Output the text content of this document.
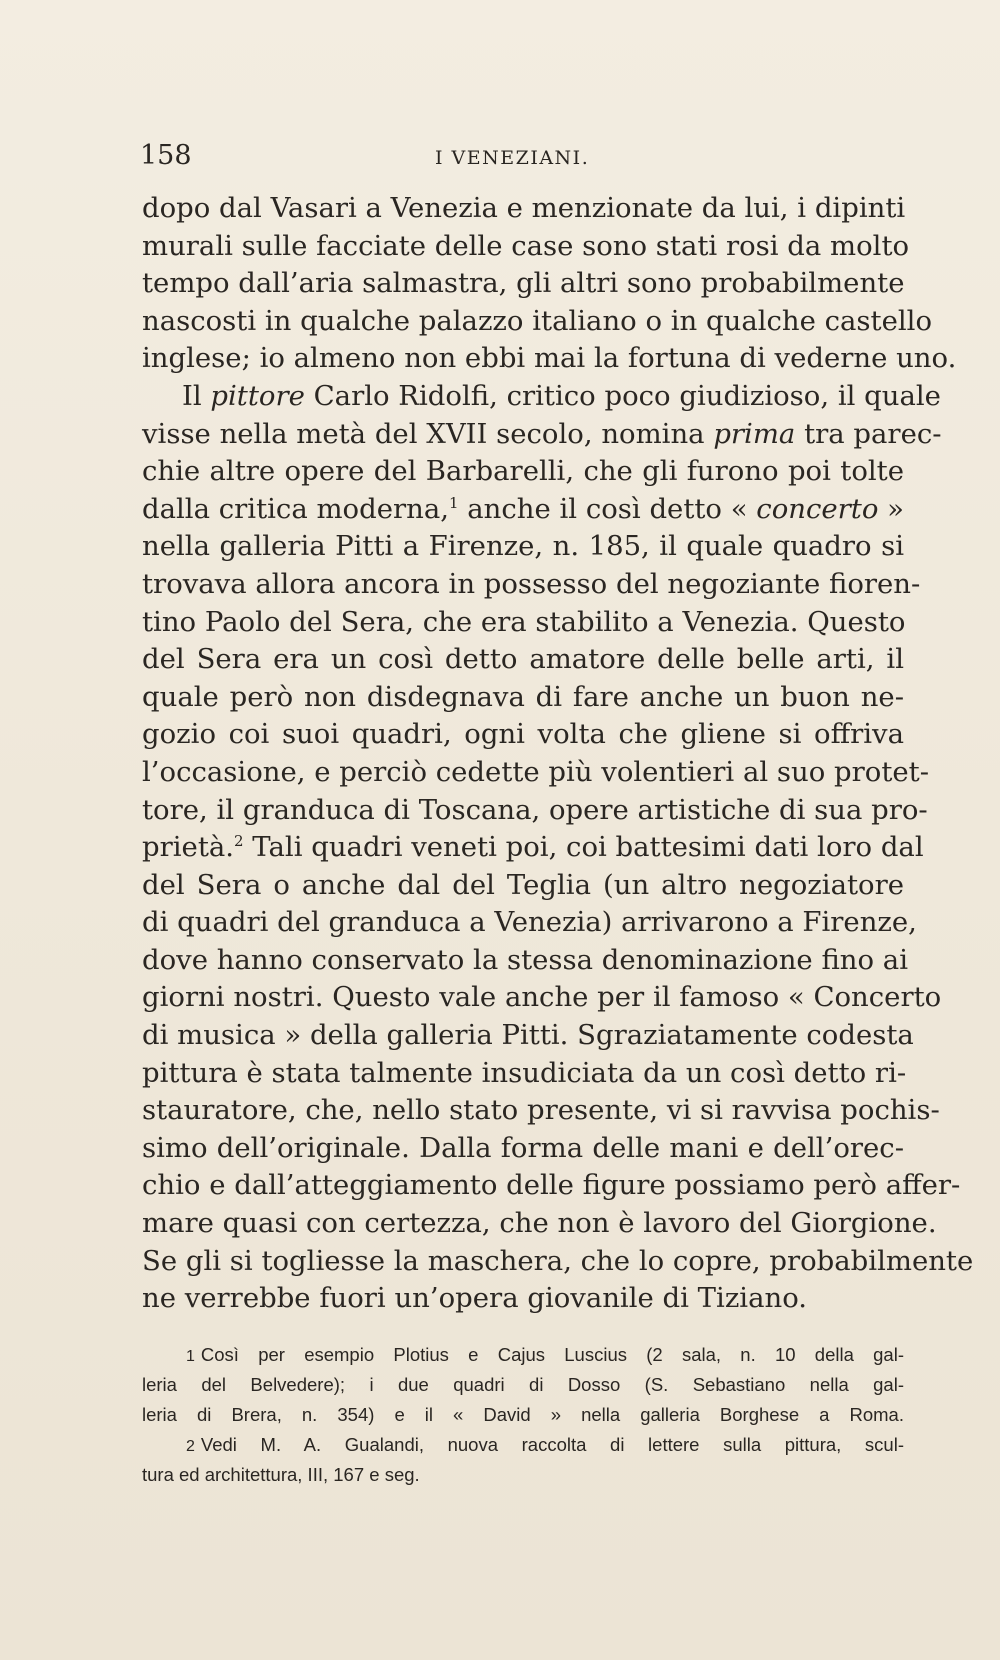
158	I VENEZIANI.
dopo dal Vasari a Venezia e menzionate da lui, i dipinti
murali sulle facciate delle case sono stati rosi da molto
tempo dall’aria salmastra, gli altri sono probabilmente
nascosti in qualche palazzo italiano o in qualche castello
inglese; io almeno non ebbi mai la fortuna di vederne uno.
Il pittore Carlo Ridolfi, critico poco giudizioso, il quale
visse nella metà del XVII secolo, nomina prima tra parec-
chie altre opere del Barbarelli, che gli furono poi tolte
dalla critica moderna,$^1$ anche il così detto « concerto »
nella galleria Pitti a Firenze, n. 185, il quale quadro si
trovava allora ancora in possesso del negoziante fioren-
tino Paolo del Sera, che era stabilito a Venezia. Questo
del Sera era un così detto amatore delle belle arti, il
quale però non disdegnava di fare anche un buon ne-
gozio coi suoi quadri, ogni volta che gliene si offriva
l’occasione, e perciò cedette più volentieri al suo protet-
tore, il granduca di Toscana, opere artistiche di sua pro-
prietà.$^2$ Tali quadri veneti poi, coi battesimi dati loro dal
del Sera o anche dal del Teglia (un altro negoziatore
di quadri del granduca a Venezia) arrivarono a Firenze,
dove hanno conservato la stessa denominazione fino ai
giorni nostri. Questo vale anche per il famoso « Concerto
di musica » della galleria Pitti. Sgraziatamente codesta
pittura è stata talmente insudiciata da un così detto ri-
stauratore, che, nello stato presente, vi si ravvisa pochis-
simo dell’originale. Dalla forma delle mani e dell’orec-
chio e dall’atteggiamento delle figure possiamo però affer-
mare quasi con certezza, che non è lavoro del Giorgione.
Se gli si togliesse la maschera, che lo copre, probabilmente
ne verrebbe fuori un’opera giovanile di Tiziano.
1 Così per esempio Plotius e Cajus Luscius (2 sala, n. 10 della gal-
leria del Belvedere); i due quadri di Dosso (S. Sebastiano nella gal-
leria di Brera, n. 354) e il « David » nella galleria Borghese a Roma.
2 Vedi M. A. Gualandi, nuova raccolta di lettere sulla pittura, scul-
tura ed architettura, III, 167 e seg.
